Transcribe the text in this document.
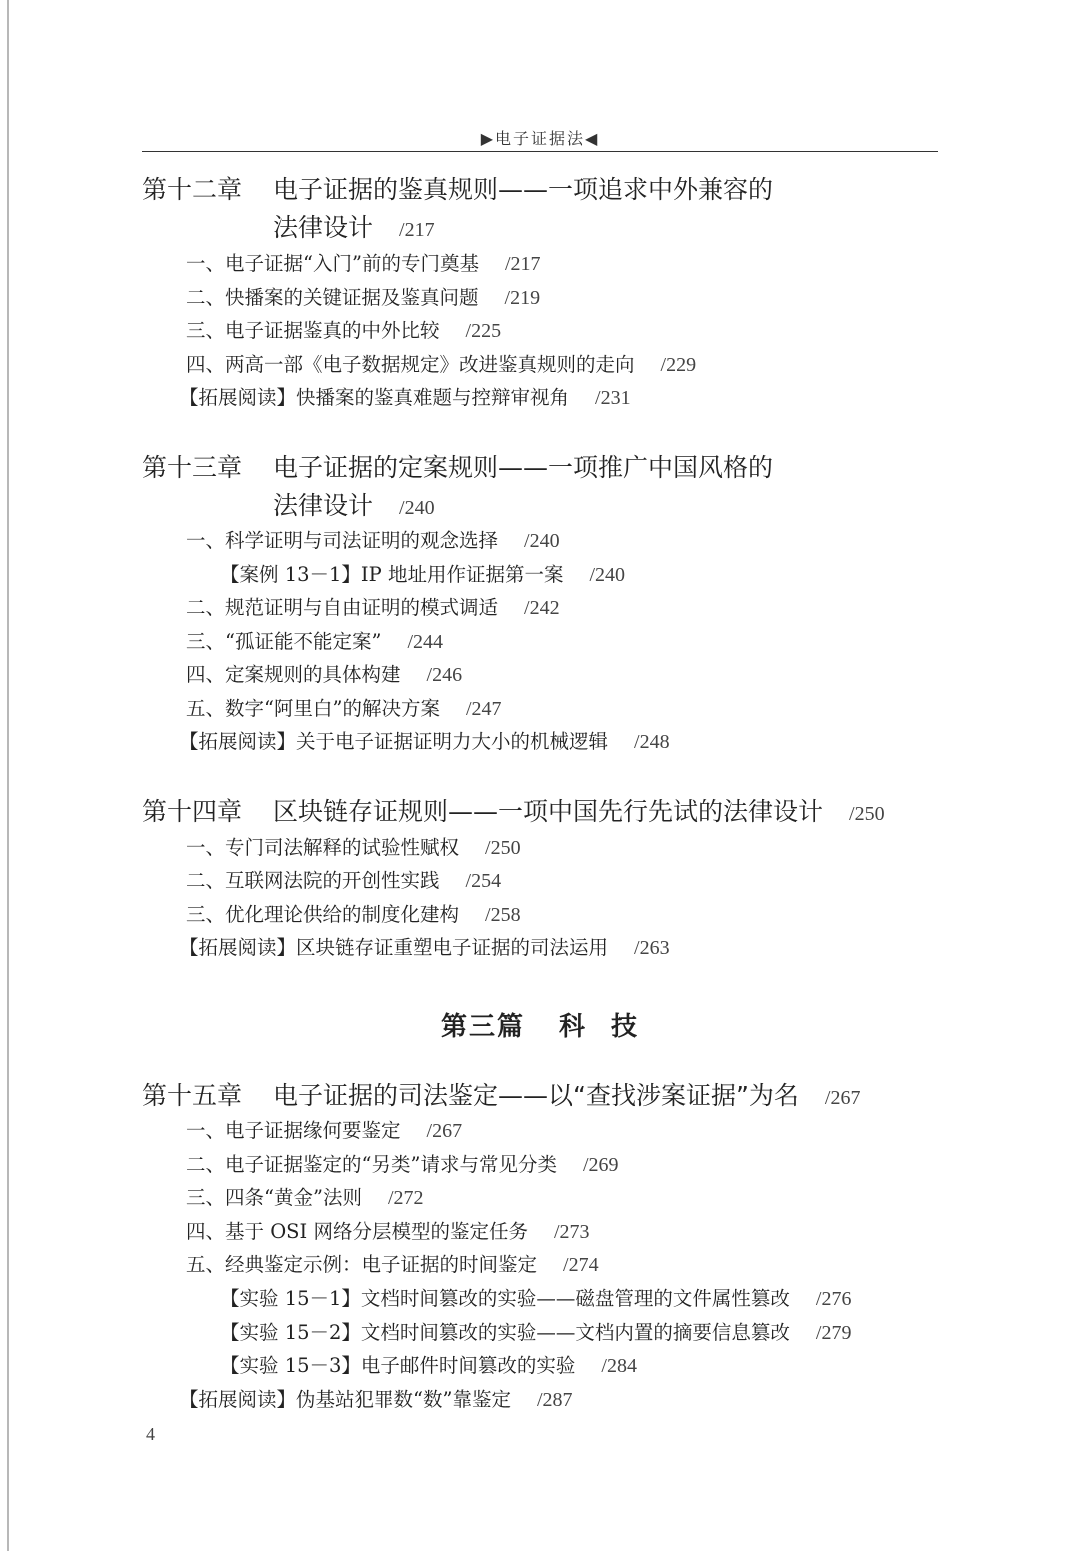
▶电子证据法◀
第十二章 电子证据的鉴真规则——一项追求中外兼容的
法律设计 /217
一、电子证据“入门”前的专门奠基 /217
二、快播案的关键证据及鉴真问题 /219
三、电子证据鉴真的中外比较 /225
四、两高一部《电子数据规定》改进鉴真规则的走向 /229
【拓展阅读】快播案的鉴真难题与控辩审视角 /231
第十三章 电子证据的定案规则——一项推广中国风格的
法律设计 /240
一、科学证明与司法证明的观念选择 /240
【案例 13－1】IP 地址用作证据第一案 /240
二、规范证明与自由证明的模式调适 /242
三、“孤证能不能定案” /244
四、定案规则的具体构建 /246
五、数字“阿里白”的解决方案 /247
【拓展阅读】关于电子证据证明力大小的机械逻辑 /248
第十四章 区块链存证规则——一项中国先行先试的法律设计 /250
一、专门司法解释的试验性赋权 /250
二、互联网法院的开创性实践 /254
三、优化理论供给的制度化建构 /258
【拓展阅读】区块链存证重塑电子证据的司法运用 /263
第三篇 科 技
第十五章 电子证据的司法鉴定——以“查找涉案证据”为名 /267
一、电子证据缘何要鉴定 /267
二、电子证据鉴定的“另类”请求与常见分类 /269
三、四条“黄金”法则 /272
四、基于 OSI 网络分层模型的鉴定任务 /273
五、经典鉴定示例：电子证据的时间鉴定 /274
【实验 15－1】文档时间篡改的实验——磁盘管理的文件属性篡改 /276
【实验 15－2】文档时间篡改的实验——文档内置的摘要信息篡改 /279
【实验 15－3】电子邮件时间篡改的实验 /284
【拓展阅读】伪基站犯罪数“数”靠鉴定 /287
4
